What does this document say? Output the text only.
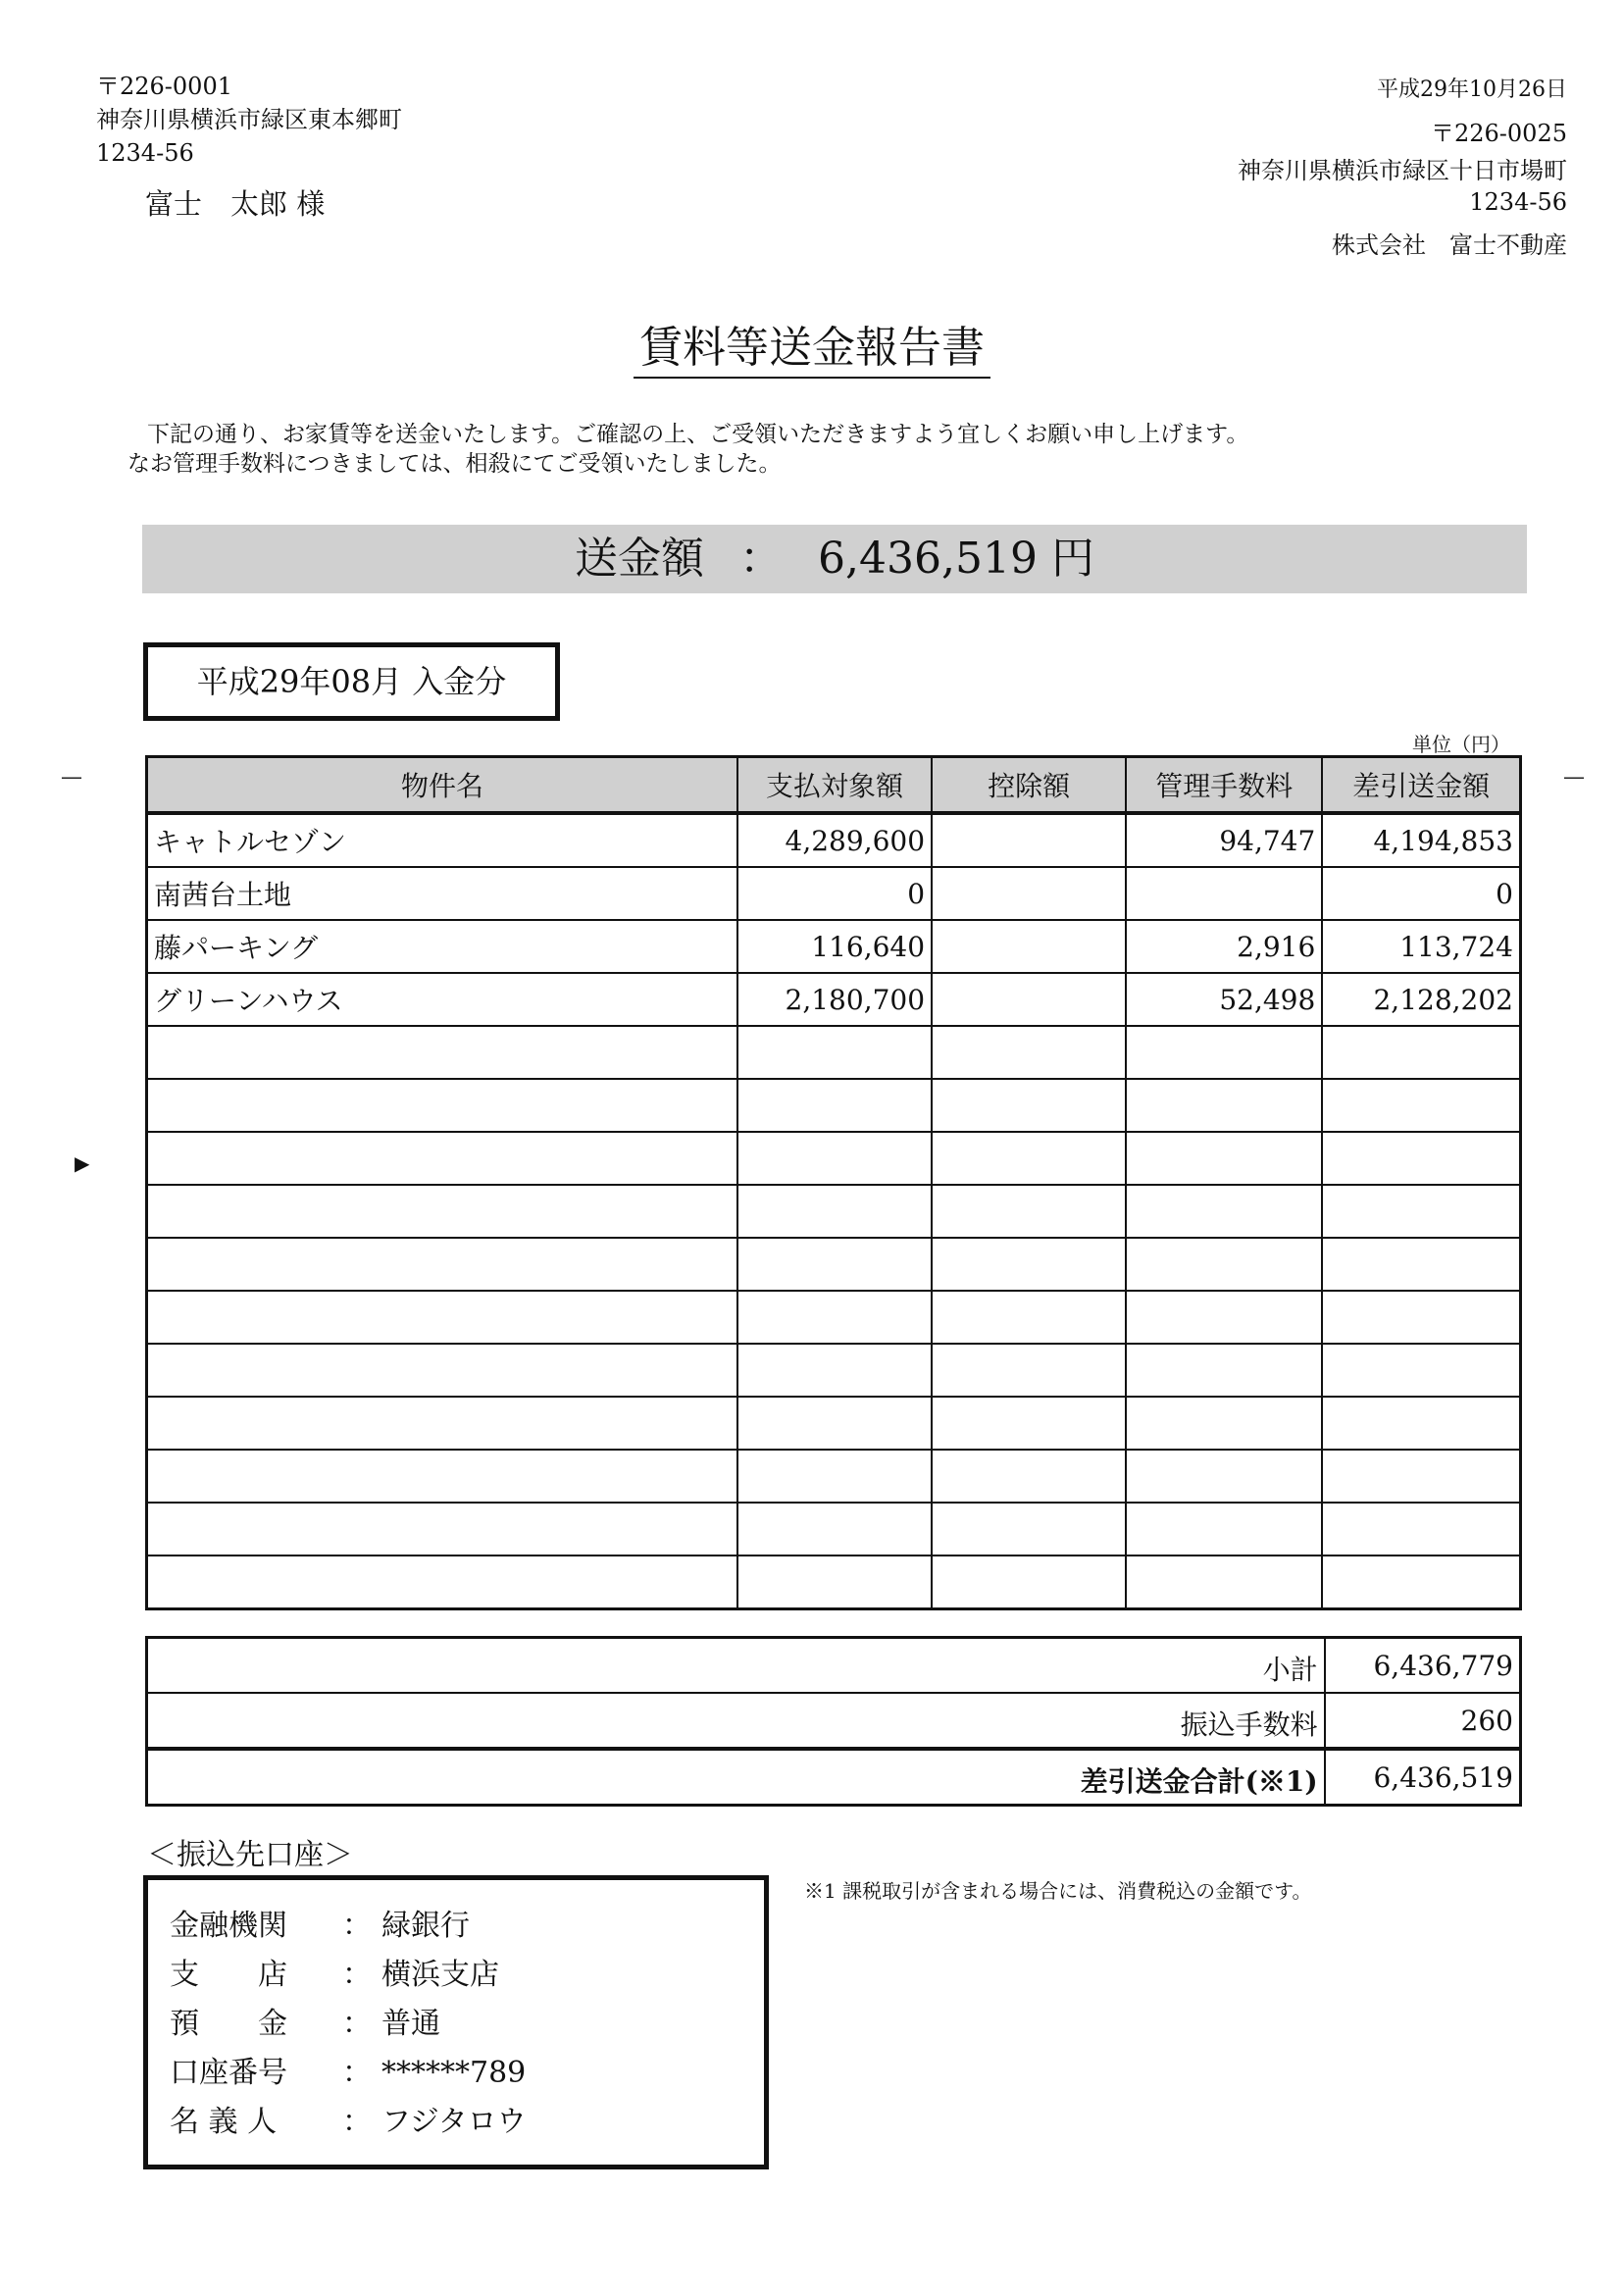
〒226-0001
神奈川県横浜市緑区東本郷町
1234-56
富士　太郎 様
平成29年10月26日
〒226-0025
神奈川県横浜市緑区十日市場町
1234-56
株式会社　富士不動産
賃料等送金報告書
下記の通り、お家賃等を送金いたします。ご確認の上、ご受領いただきますよう宜しくお願い申し上げます。
なお管理手数料につきましては、相殺にてご受領いたしました。
送金額 ： 6,436,519 円
平成29年08月 入金分
単位（円）
—	—
▶
物件名	支払対象額	控除額	管理手数料	差引送金額
キャトルセゾン	4,289,600		94,747	4,194,853
南茜台土地	0			0
藤パーキング	116,640		2,916	113,724
グリーンハウス	2,180,700		52,498	2,128,202

小計	6,436,779
振込手数料	260
差引送金合計(※1)	6,436,519
＜振込先口座＞
金融機関	： 緑銀行
支　　店	： 横浜支店
預　　金	： 普通
口座番号	： ******789
名 義 人	： フジタロウ
※1 課税取引が含まれる場合には、消費税込の金額です。
